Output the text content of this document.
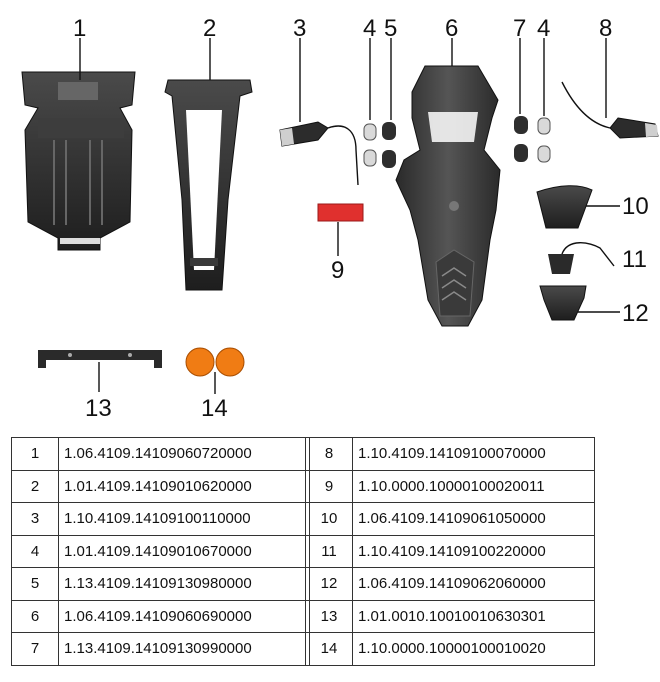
1	2	3 4 5 6 7 4 8
9
10
11
12
13	14
1	1.06.4109.14109060720000
2	1.01.4109.14109010620000
3	1.10.4109.14109100110000
4	1.01.4109.14109010670000
5	1.13.4109.14109130980000
6	1.06.4109.14109060690000
7	1.13.4109.14109130990000
8	1.10.4109.14109100070000
9	1.10.0000.10000100020011
10	1.06.4109.14109061050000
11	1.10.4109.14109100220000
12	1.06.4109.14109062060000
13	1.01.0010.10010010630301
14	1.10.0000.10000100010020
